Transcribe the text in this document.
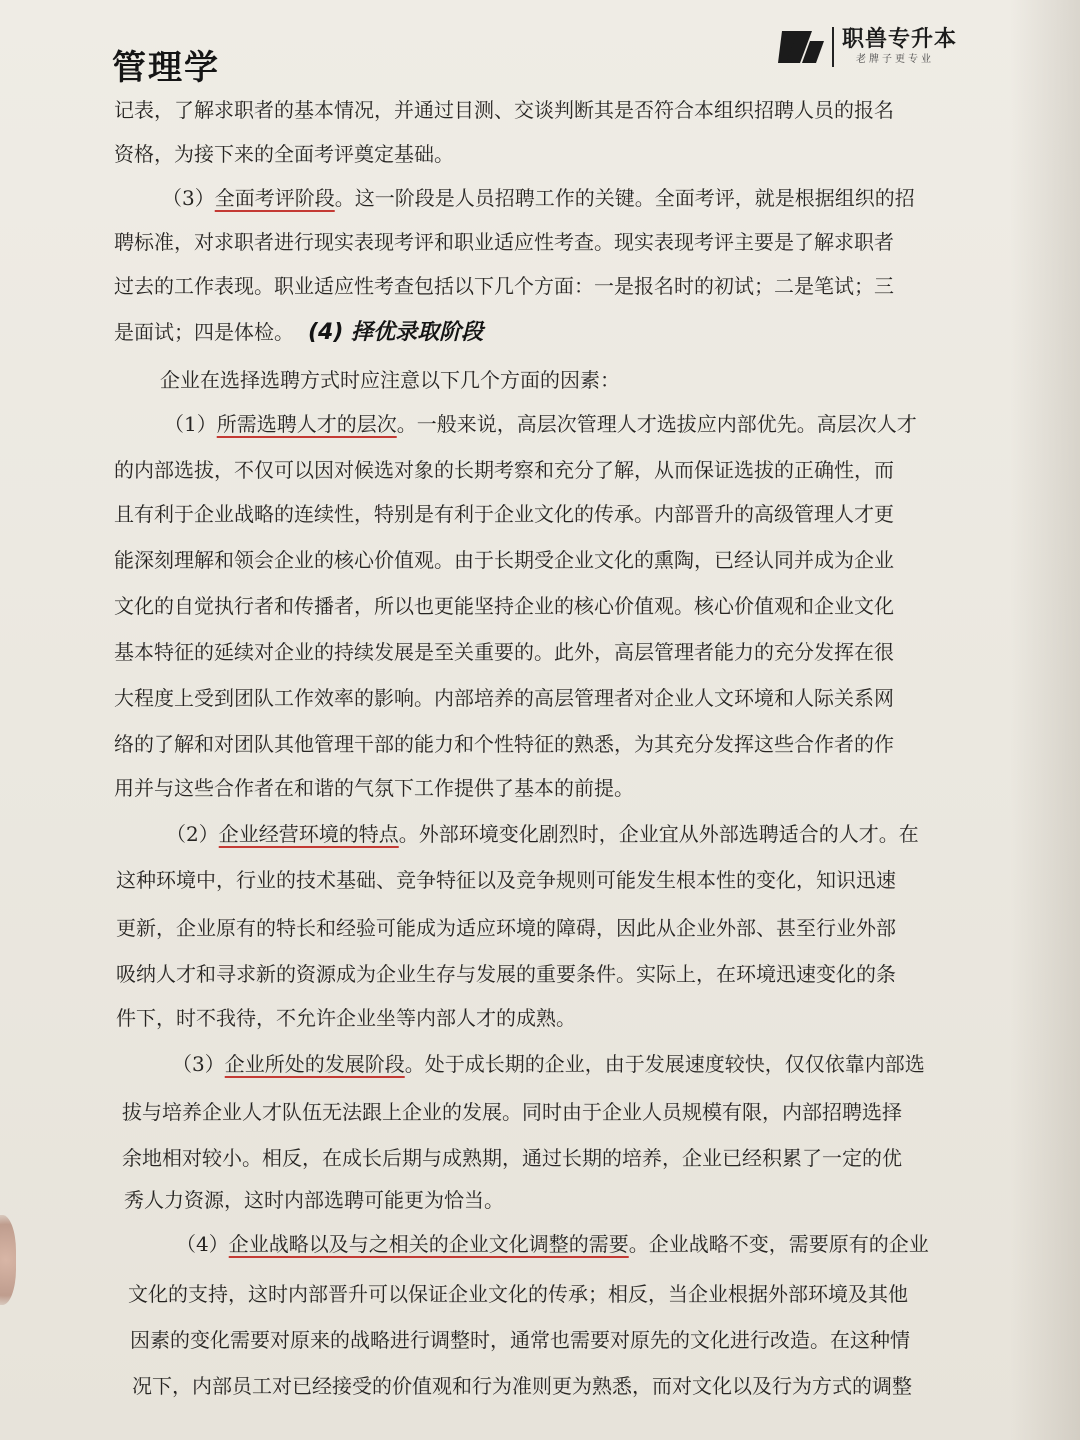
管理学
职兽专升本
老牌子更专业
记表，了解求职者的基本情况，并通过目测、交谈判断其是否符合本组织招聘人员的报名
资格，为接下来的全面考评奠定基础。
（3）全面考评阶段。这一阶段是人员招聘工作的关键。全面考评，就是根据组织的招
聘标准，对求职者进行现实表现考评和职业适应性考查。现实表现考评主要是了解求职者
过去的工作表现。职业适应性考查包括以下几个方面：一是报名时的初试；二是笔试；三
是面试；四是体检。 (4) 择优录取阶段
企业在选择选聘方式时应注意以下几个方面的因素：
（1）所需选聘人才的层次。一般来说，高层次管理人才选拔应内部优先。高层次人才
的内部选拔，不仅可以因对候选对象的长期考察和充分了解，从而保证选拔的正确性，而
且有利于企业战略的连续性，特别是有利于企业文化的传承。内部晋升的高级管理人才更
能深刻理解和领会企业的核心价值观。由于长期受企业文化的熏陶，已经认同并成为企业
文化的自觉执行者和传播者，所以也更能坚持企业的核心价值观。核心价值观和企业文化
基本特征的延续对企业的持续发展是至关重要的。此外，高层管理者能力的充分发挥在很
大程度上受到团队工作效率的影响。内部培养的高层管理者对企业人文环境和人际关系网
络的了解和对团队其他管理干部的能力和个性特征的熟悉，为其充分发挥这些合作者的作
用并与这些合作者在和谐的气氛下工作提供了基本的前提。
（2）企业经营环境的特点。外部环境变化剧烈时，企业宜从外部选聘适合的人才。在
这种环境中，行业的技术基础、竞争特征以及竞争规则可能发生根本性的变化，知识迅速
更新，企业原有的特长和经验可能成为适应环境的障碍，因此从企业外部、甚至行业外部
吸纳人才和寻求新的资源成为企业生存与发展的重要条件。实际上，在环境迅速变化的条
件下，时不我待，不允许企业坐等内部人才的成熟。
（3）企业所处的发展阶段。处于成长期的企业，由于发展速度较快，仅仅依靠内部选
拔与培养企业人才队伍无法跟上企业的发展。同时由于企业人员规模有限，内部招聘选择
余地相对较小。相反，在成长后期与成熟期，通过长期的培养，企业已经积累了一定的优
秀人力资源，这时内部选聘可能更为恰当。
（4）企业战略以及与之相关的企业文化调整的需要。企业战略不变，需要原有的企业
文化的支持，这时内部晋升可以保证企业文化的传承；相反，当企业根据外部环境及其他
因素的变化需要对原来的战略进行调整时，通常也需要对原先的文化进行改造。在这种情
况下，内部员工对已经接受的价值观和行为准则更为熟悉，而对文化以及行为方式的调整
